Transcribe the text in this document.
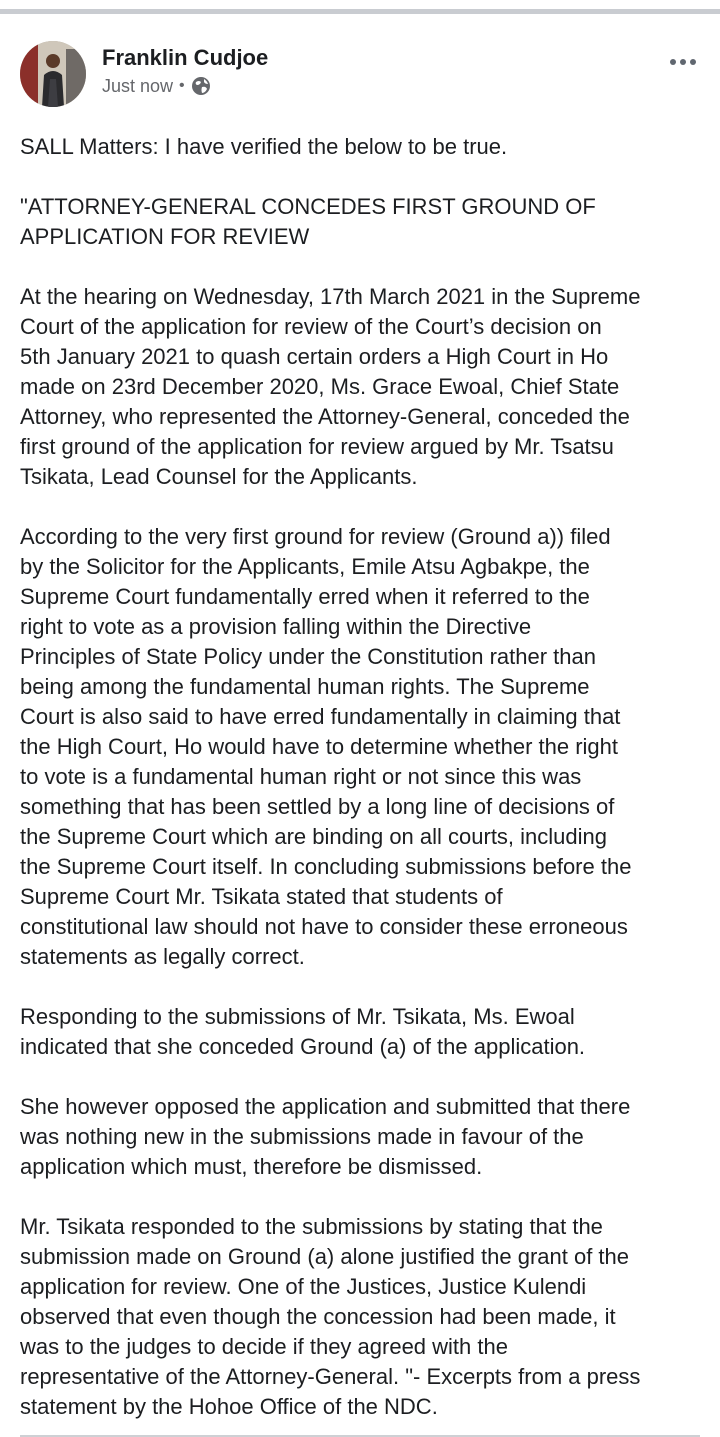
Franklin Cudjoe
Just now •

SALL Matters: I have verified the below to be true.

"ATTORNEY-GENERAL CONCEDES FIRST GROUND OF
APPLICATION FOR REVIEW

At the hearing on Wednesday, 17th March 2021 in the Supreme
Court of the application for review of the Court’s decision on
5th January 2021 to quash certain orders a High Court in Ho
made on 23rd December 2020, Ms. Grace Ewoal, Chief State
Attorney, who represented the Attorney-General, conceded the
first ground of the application for review argued by Mr. Tsatsu
Tsikata, Lead Counsel for the Applicants.

According to the very first ground for review (Ground a)) filed
by the Solicitor for the Applicants, Emile Atsu Agbakpe, the
Supreme Court fundamentally erred when it referred to the
right to vote as a provision falling within the Directive
Principles of State Policy under the Constitution rather than
being among the fundamental human rights. The Supreme
Court is also said to have erred fundamentally in claiming that
the High Court, Ho would have to determine whether the right
to vote is a fundamental human right or not since this was
something that has been settled by a long line of decisions of
the Supreme Court which are binding on all courts, including
the Supreme Court itself. In concluding submissions before the
Supreme Court Mr. Tsikata stated that students of
constitutional law should not have to consider these erroneous
statements as legally correct.

Responding to the submissions of Mr. Tsikata, Ms. Ewoal
indicated that she conceded Ground (a) of the application.

She however opposed the application and submitted that there
was nothing new in the submissions made in favour of the
application which must, therefore be dismissed.

Mr. Tsikata responded to the submissions by stating that the
submission made on Ground (a) alone justified the grant of the
application for review. One of the Justices, Justice Kulendi
observed that even though the concession had been made, it
was to the judges to decide if they agreed with the
representative of the Attorney-General. "- Excerpts from a press
statement by the Hohoe Office of the NDC.
